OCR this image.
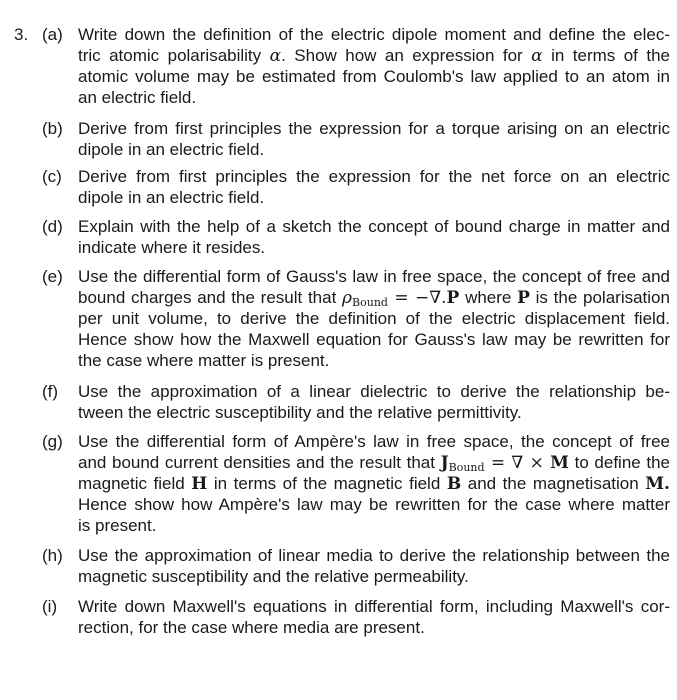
3. (a) Write down the definition of the electric dipole moment and define the elec-
tric atomic polarisability α. Show how an expression for α in terms of the
atomic volume may be estimated from Coulomb's law applied to an atom in
an electric field.
(b) Derive from first principles the expression for a torque arising on an electric
dipole in an electric field.
(c) Derive from first principles the expression for the net force on an electric
dipole in an electric field.
(d) Explain with the help of a sketch the concept of bound charge in matter and
indicate where it resides.
(e) Use the differential form of Gauss's law in free space, the concept of free and
bound charges and the result that $\rho_{Bound} = -\nabla.P$ where P is the polarisation
per unit volume, to derive the definition of the electric displacement field.
Hence show how the Maxwell equation for Gauss's law may be rewritten for
the case where matter is present.
(f)	Use the approximation of a linear dielectric to derive the relationship be-
tween the electric susceptibility and the relative permittivity.
(g) Use the differential form of Ampère's law in free space, the concept of free
and bound current densities and the result that $J_{Bound}$ = ∇ × M to define the
magnetic field H in terms of the magnetic field B and the magnetisation M.
Hence show how Ampère's law may be rewritten for the case where matter
is present.
(h) Use the approximation of linear media to derive the relationship between the
magnetic susceptibility and the relative permeability.
(i)	Write down Maxwell's equations in differential form, including Maxwell's cor-
rection, for the case where media are present.
